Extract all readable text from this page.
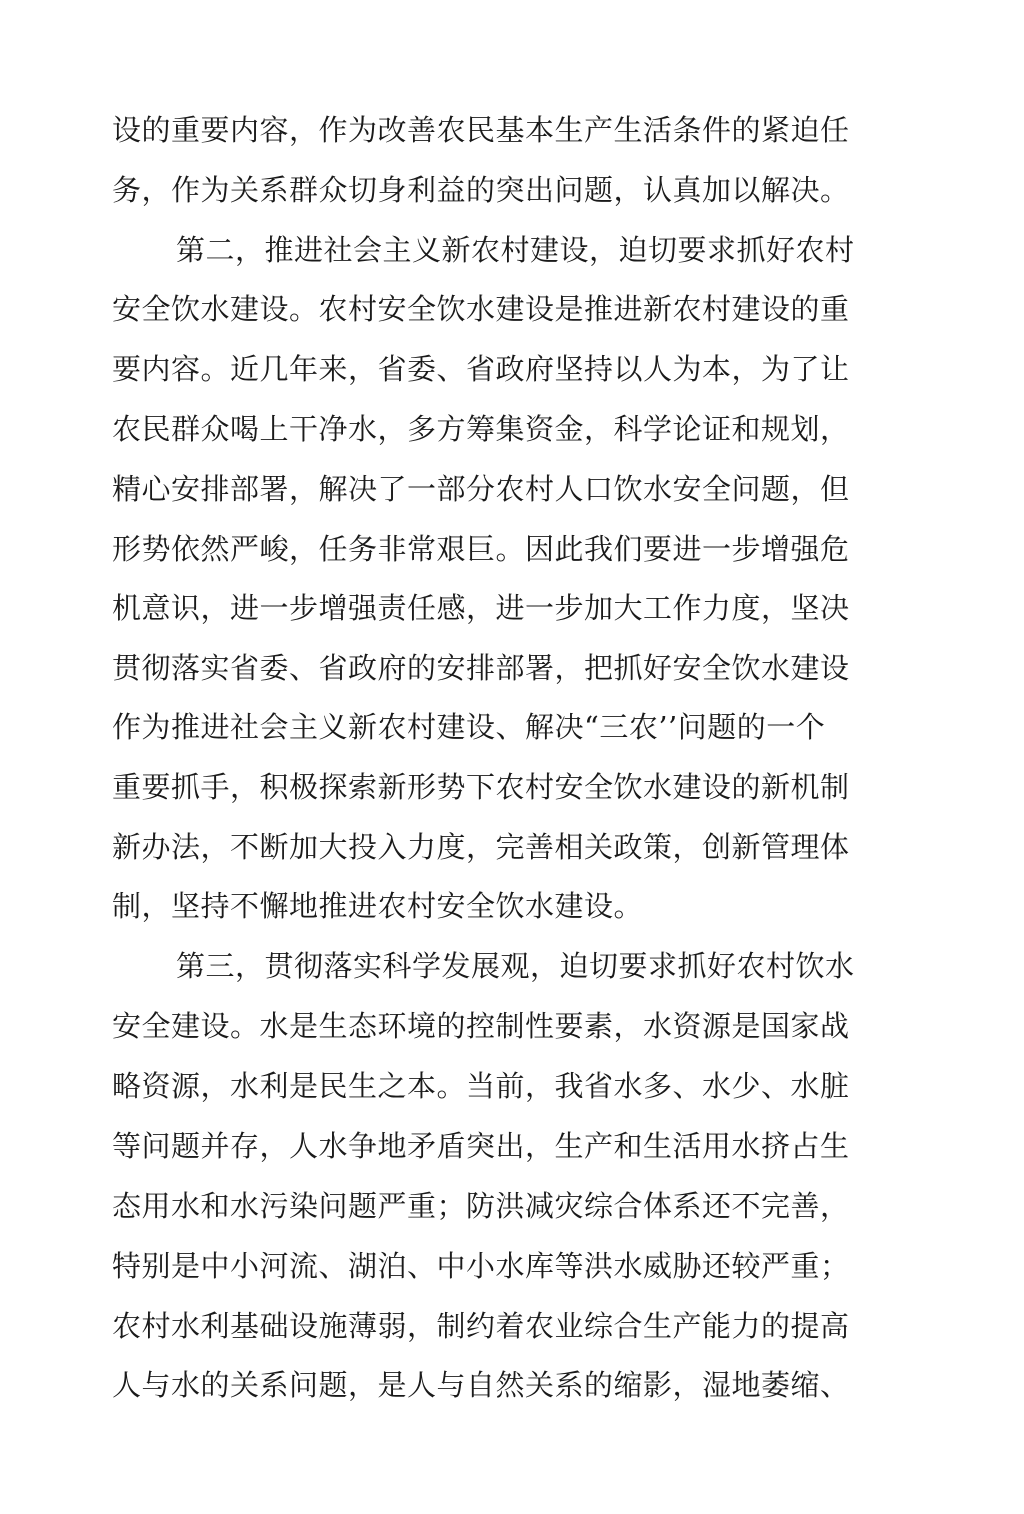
设的重要内容，作为改善农民基本生产生活条件的紧迫任
务，作为关系群众切身利益的突出问题，认真加以解决。
第二，推进社会主义新农村建设，迫切要求抓好农村
安全饮水建设。农村安全饮水建设是推进新农村建设的重
要内容。近几年来，省委、省政府坚持以人为本，为了让
农民群众喝上干净水，多方筹集资金，科学论证和规划，
精心安排部署，解决了一部分农村人口饮水安全问题，但
形势依然严峻，任务非常艰巨。因此我们要进一步增强危
机意识，进一步增强责任感，进一步加大工作力度，坚决
贯彻落实省委、省政府的安排部署，把抓好安全饮水建设
作为推进社会主义新农村建设、解决“三农’’问题的一个
重要抓手，积极探索新形势下农村安全饮水建设的新机制
新办法，不断加大投入力度，完善相关政策，创新管理体
制，坚持不懈地推进农村安全饮水建设。
第三，贯彻落实科学发展观，迫切要求抓好农村饮水
安全建设。水是生态环境的控制性要素，水资源是国家战
略资源，水利是民生之本。当前，我省水多、水少、水脏
等问题并存，人水争地矛盾突出，生产和生活用水挤占生
态用水和水污染问题严重；防洪减灾综合体系还不完善，
特别是中小河流、湖泊、中小水库等洪水威胁还较严重；
农村水利基础设施薄弱，制约着农业综合生产能力的提高
人与水的关系问题，是人与自然关系的缩影，湿地萎缩、
